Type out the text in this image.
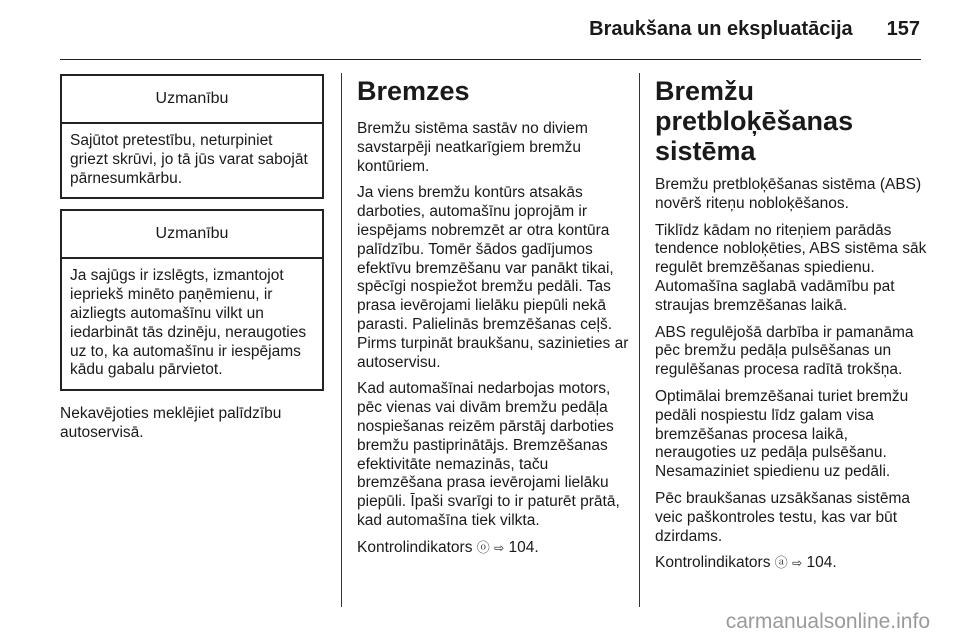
Braukšana un ekspluatācija 157
Uzmanību
Sajūtot pretestību, neturpiniet griezt skrūvi, jo tā jūs varat sabojāt pārnesumkārbu.
Uzmanību
Ja sajūgs ir izslēgts, izmantojot iepriekš minēto paņēmienu, ir aizliegts automašīnu vilkt un iedarbināt tās dzinēju, neraugoties uz to, ka automašīnu ir iespējams kādu gabalu pārvietot.

Nekavējoties meklējiet palīdzību autoservisā.

Bremzes

Bremžu sistēma sastāv no diviem savstarpēji neatkarīgiem bremžu kontūriem.

Ja viens bremžu kontūrs atsakās darboties, automašīnu joprojām ir iespējams nobremzēt ar otra kontūra palīdzību. Tomēr šādos gadījumos efektīvu bremzēšanu var panākt tikai, spēcīgi nospiežot bremžu pedāli. Tas prasa ievērojami lielāku piepūli nekā parasti. Palielinās bremzēšanas ceļš. Pirms turpināt braukšanu, sazinieties ar autoservisu.

Kad automašīnai nedarbojas motors, pēc vienas vai divām bremžu pedāļa nospiešanas reizēm pārstāj darboties bremžu pastiprinātājs. Bremzēšanas efektivitāte nemazinās, taču bremzēšana prasa ievērojami lielāku piepūli. Īpaši svarīgi to ir paturēt prātā, kad automašīna tiek vilkta.

Kontrolindikators ⓞ ⇨ 104.

Bremžu pretbloķēšanas sistēma

Bremžu pretbloķēšanas sistēma (ABS) novērš riteņu nobloķēšanos.

Tiklīdz kādam no riteņiem parādās tendence nobloķēties, ABS sistēma sāk regulēt bremzēšanas spiedienu. Automašīna saglabā vadāmību pat straujas bremzēšanas laikā.

ABS regulējošā darbība ir pamanāma pēc bremžu pedāļa pulsēšanas un regulēšanas procesa radītā trokšņa.

Optimālai bremzēšanai turiet bremžu pedāli nospiestu līdz galam visa bremzēšanas procesa laikā, neraugoties uz pedāļa pulsēšanu. Nesamaziniet spiedienu uz pedāli.

Pēc braukšanas uzsākšanas sistēma veic paškontroles testu, kas var būt dzirdams.

Kontrolindikators ⓐ ⇨ 104.

carmanualsonline.info
